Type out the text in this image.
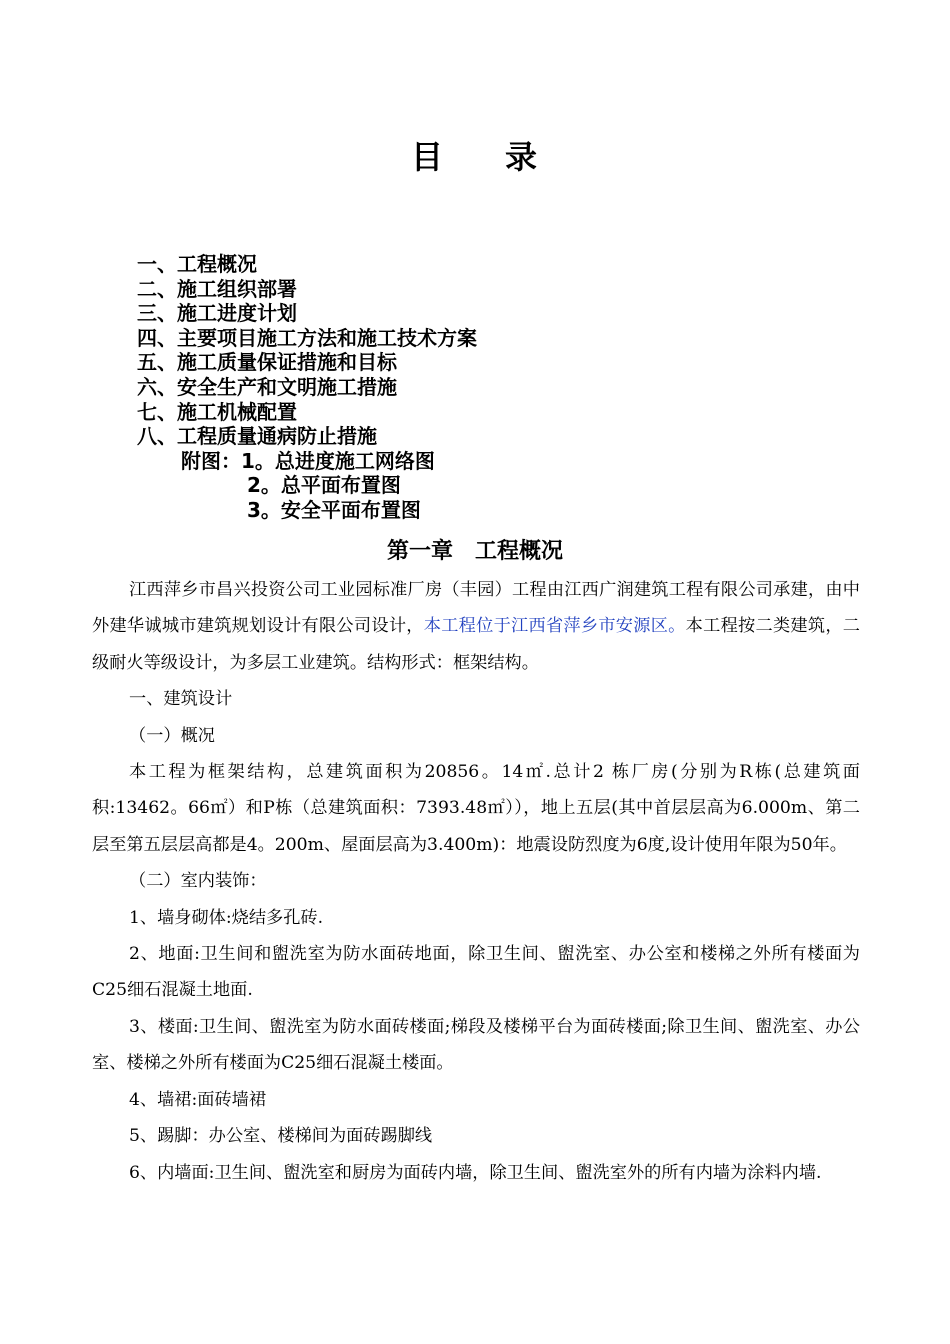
目 录
一、工程概况
二、施工组织部署
三、施工进度计划
四、主要项目施工方法和施工技术方案
五、施工质量保证措施和目标
六、安全生产和文明施工措施
七、施工机械配置
八、工程质量通病防止措施
附图：1。总进度施工网络图
2。总平面布置图
3。安全平面布置图
第一章 工程概况

江西萍乡市昌兴投资公司工业园标准厂房（丰园）工程由江西广润建筑工程有限公司承建，由中外建华诚城市建筑规划设计有限公司设计，本工程位于江西省萍乡市安源区。本工程按二类建筑，二级耐火等级设计，为多层工业建筑。结构形式：框架结构。

一、建筑设计

（一）概况

本工程为框架结构，总建筑面积为20856。14㎡.总计2 栋厂房(分别为R栋(总建筑面积:13462。66㎡）和P栋（总建筑面积：7393.48㎡）），地上五层(其中首层层高为6.000m、第二层至第五层层高都是4。200m、屋面层高为3.400m)：地震设防烈度为6度,设计使用年限为50年。

（二）室内装饰：

1、墙身砌体:烧结多孔砖.

2、地面:卫生间和盥洗室为防水面砖地面，除卫生间、盥洗室、办公室和楼梯之外所有楼面为C25细石混凝土地面.

3、楼面:卫生间、盥洗室为防水面砖楼面;梯段及楼梯平台为面砖楼面;除卫生间、盥洗室、办公室、楼梯之外所有楼面为C25细石混凝土楼面。

4、墙裙:面砖墙裙

5、踢脚：办公室、楼梯间为面砖踢脚线

6、内墙面:卫生间、盥洗室和厨房为面砖内墙，除卫生间、盥洗室外的所有内墙为涂料内墙.
